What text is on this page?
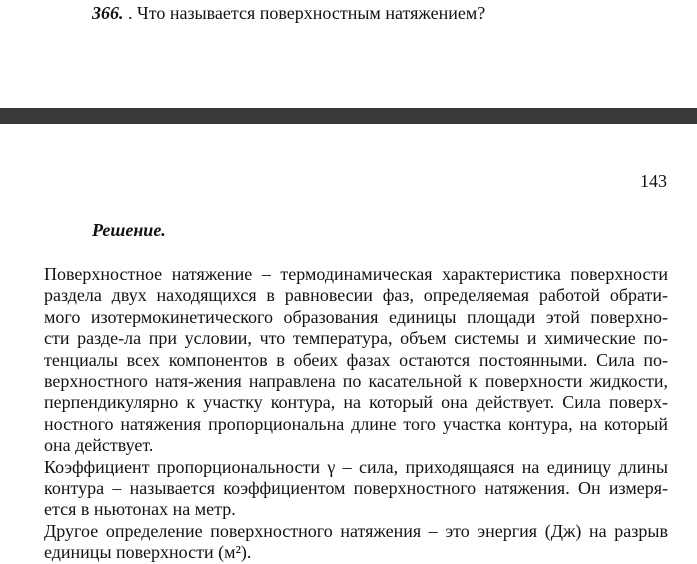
366. . Что называется поверхностным натяжением?
143
Решение.

Поверхностное натяжение – термодинамическая характеристика поверхности

раздела двух находящихся в равновесии фаз, определяемая работой обрати-

мого изотермокинетического образования единицы площади этой поверхно-

сти разде-ла при условии, что температура, объем системы и химические по-

тенциалы всех компонентов в обеих фазах остаются постоянными. Сила по-

верхностного натя-жения направлена по касательной к поверхности жидкости,

перпендикулярно к участку контура, на который она действует. Сила поверх-

ностного натяжения пропорциональна длине того участка контура, на который

она действует.

Коэффициент пропорциональности γ – сила, приходящаяся на единицу длины

контура – называется коэффициентом поверхностного натяжения. Он измеря-

ется в ньютонах на метр.

Другое определение поверхностного натяжения – это энергия (Дж) на разрыв

единицы поверхности (м²).
